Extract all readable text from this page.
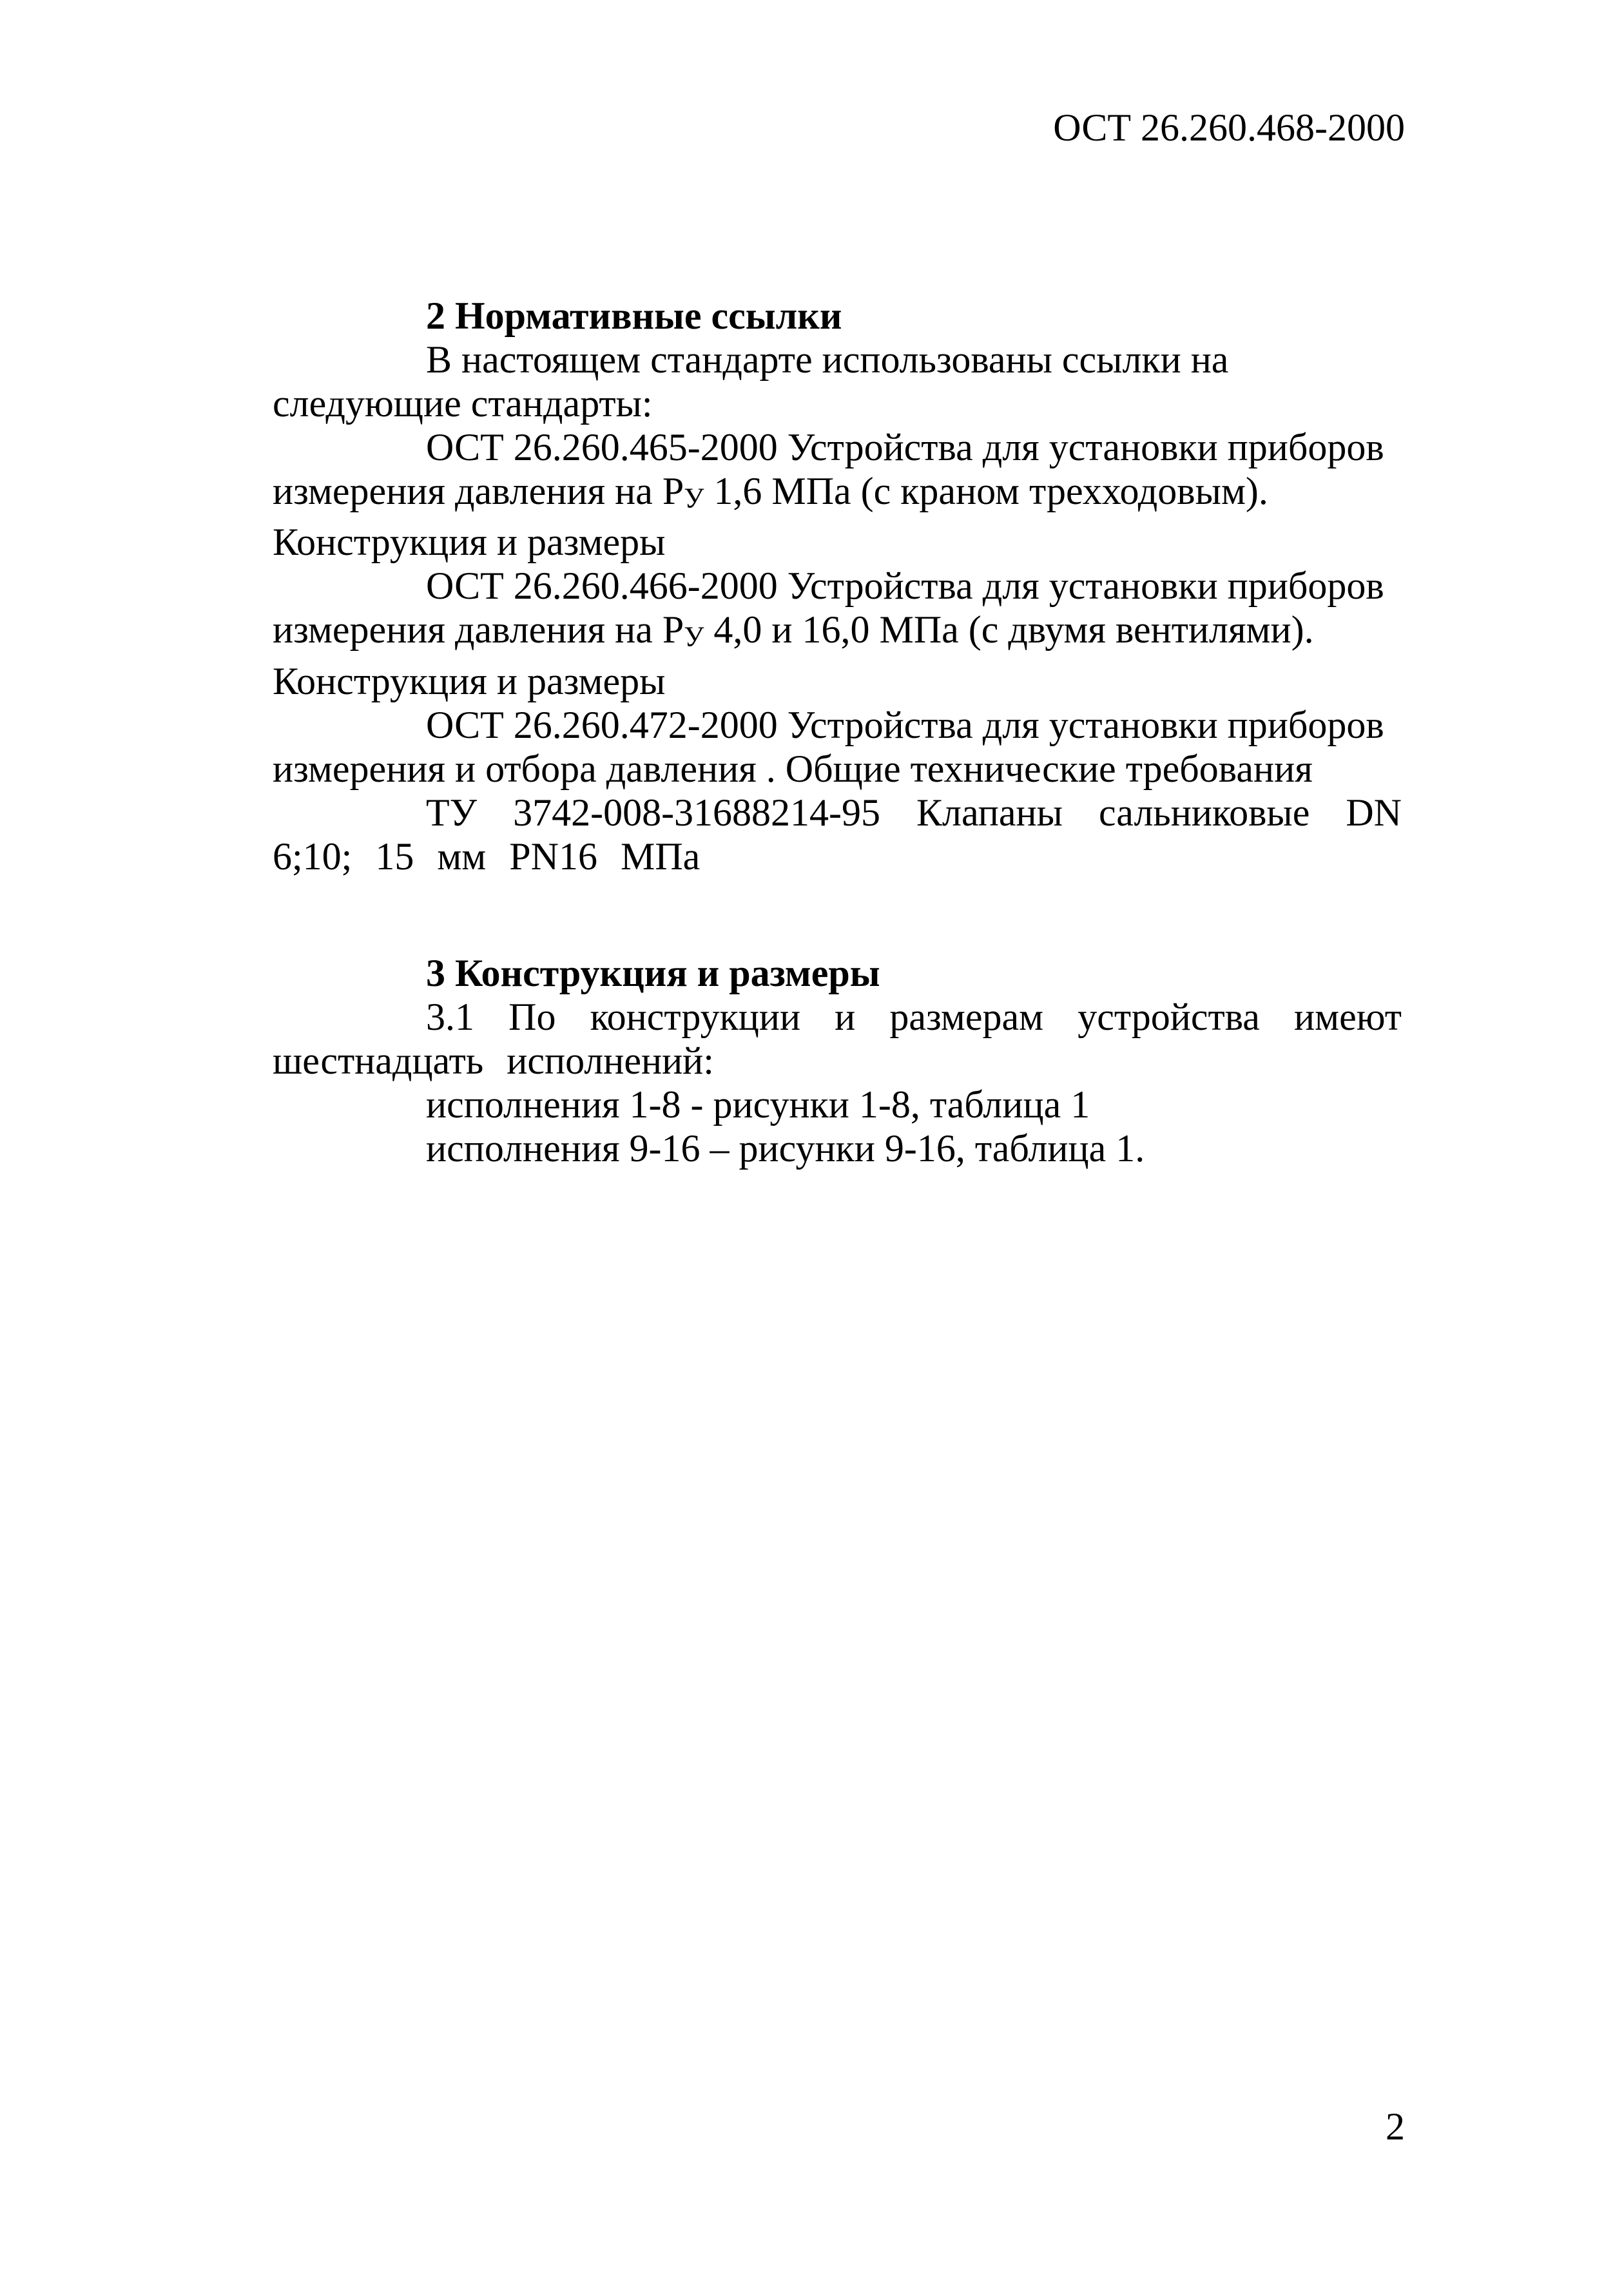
ОСТ 26.260.468-2000

2 Нормативные ссылки

В настоящем стандарте использованы ссылки на следующие стандарты:

ОСТ 26.260.465-2000 Устройства для установки приборов измерения давления на РУ 1,6 МПа (с краном трехходовым). Конструкция и размеры

ОСТ 26.260.466-2000 Устройства для установки приборов измерения давления на РУ 4,0 и 16,0 МПа (с двумя вентилями). Конструкция и размеры

ОСТ 26.260.472-2000 Устройства для установки приборов измерения и отбора давления . Общие технические требования

ТУ 3742-008-31688214-95 Клапаны сальниковые DN 6;10; 15 мм PN16 МПа

3 Конструкция и размеры

3.1 По конструкции и размерам устройства имеют шестнадцать исполнений:

исполнения 1-8 - рисунки 1-8, таблица 1

исполнения 9-16 – рисунки 9-16, таблица 1.

2
